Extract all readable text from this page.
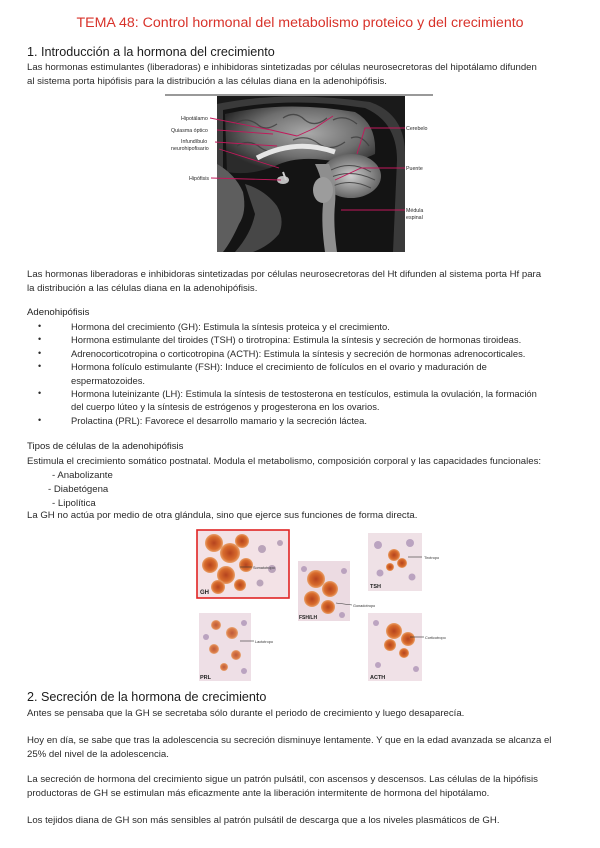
TEMA 48: Control hormonal del metabolismo proteico y del crecimiento
1. Introducción a la hormona del crecimiento
Las hormonas estimulantes (liberadoras) e inhibidoras sintetizadas por células neurosecretoras del hipotálamo difunden
al sistema porta hipófisis para la distribución a las células diana en la adenohipófisis.
Hipotálamo
Quiasma óptico
Infundíbulo
neurohipofisario
Hipófisis
Cerebelo
Puente
Médula
espinal
Las hormonas liberadoras e inhibidoras sintetizadas por células neurosecretoras del Ht difunden al sistema porta Hf para
la distribución a las células diana en la adenohipófisis.
Adenohipófisis
•	Hormona del crecimiento (GH): Estimula la síntesis proteica y el crecimiento.
•	Hormona estimulante del tiroides (TSH) o tirotropina: Estimula la síntesis y secreción de hormonas tiroideas.
•	Adrenocorticotropina o corticotropina (ACTH): Estimula la síntesis y secreción de hormonas adrenocorticales.
•	Hormona folículo estimulante (FSH): Induce el crecimiento de folículos en el ovario y maduración de
espermatozoides.
•	Hormona luteinizante (LH): Estimula la síntesis de testosterona en testículos, estimula la ovulación, la formación
del cuerpo lúteo y la síntesis de estrógenos y progesterona en los ovarios.
•	Prolactina (PRL): Favorece el desarrollo mamario y la secreción láctea.
Tipos de células de la adenohipófisis
Estimula el crecimiento somático postnatal. Modula el metabolismo, composición corporal y las capacidades funcionales:
- Anabolizante
- Diabetógena
- Lipolítica
La GH no actúa por medio de otra glándula, sino que ejerce sus funciones de forma directa.
GH
Somatotropo
TSH
Tirotropo
FSH/LH
Gonadotropo
PRL
Lactotropo
ACTH
Corticotropo
2. Secreción de la hormona de crecimiento
Antes se pensaba que la GH se secretaba sólo durante el periodo de crecimiento y luego desaparecía.
Hoy en día, se sabe que tras la adolescencia su secreción disminuye lentamente. Y que en la edad avanzada se alcanza el
25% del nivel de la adolescencia.
La secreción de hormona del crecimiento sigue un patrón pulsátil, con ascensos y descensos. Las células de la hipófisis
productoras de GH se estimulan más eficazmente ante la liberación intermitente de hormona del hipotálamo.
Los tejidos diana de GH son más sensibles al patrón pulsátil de descarga que a los niveles plasmáticos de GH.
